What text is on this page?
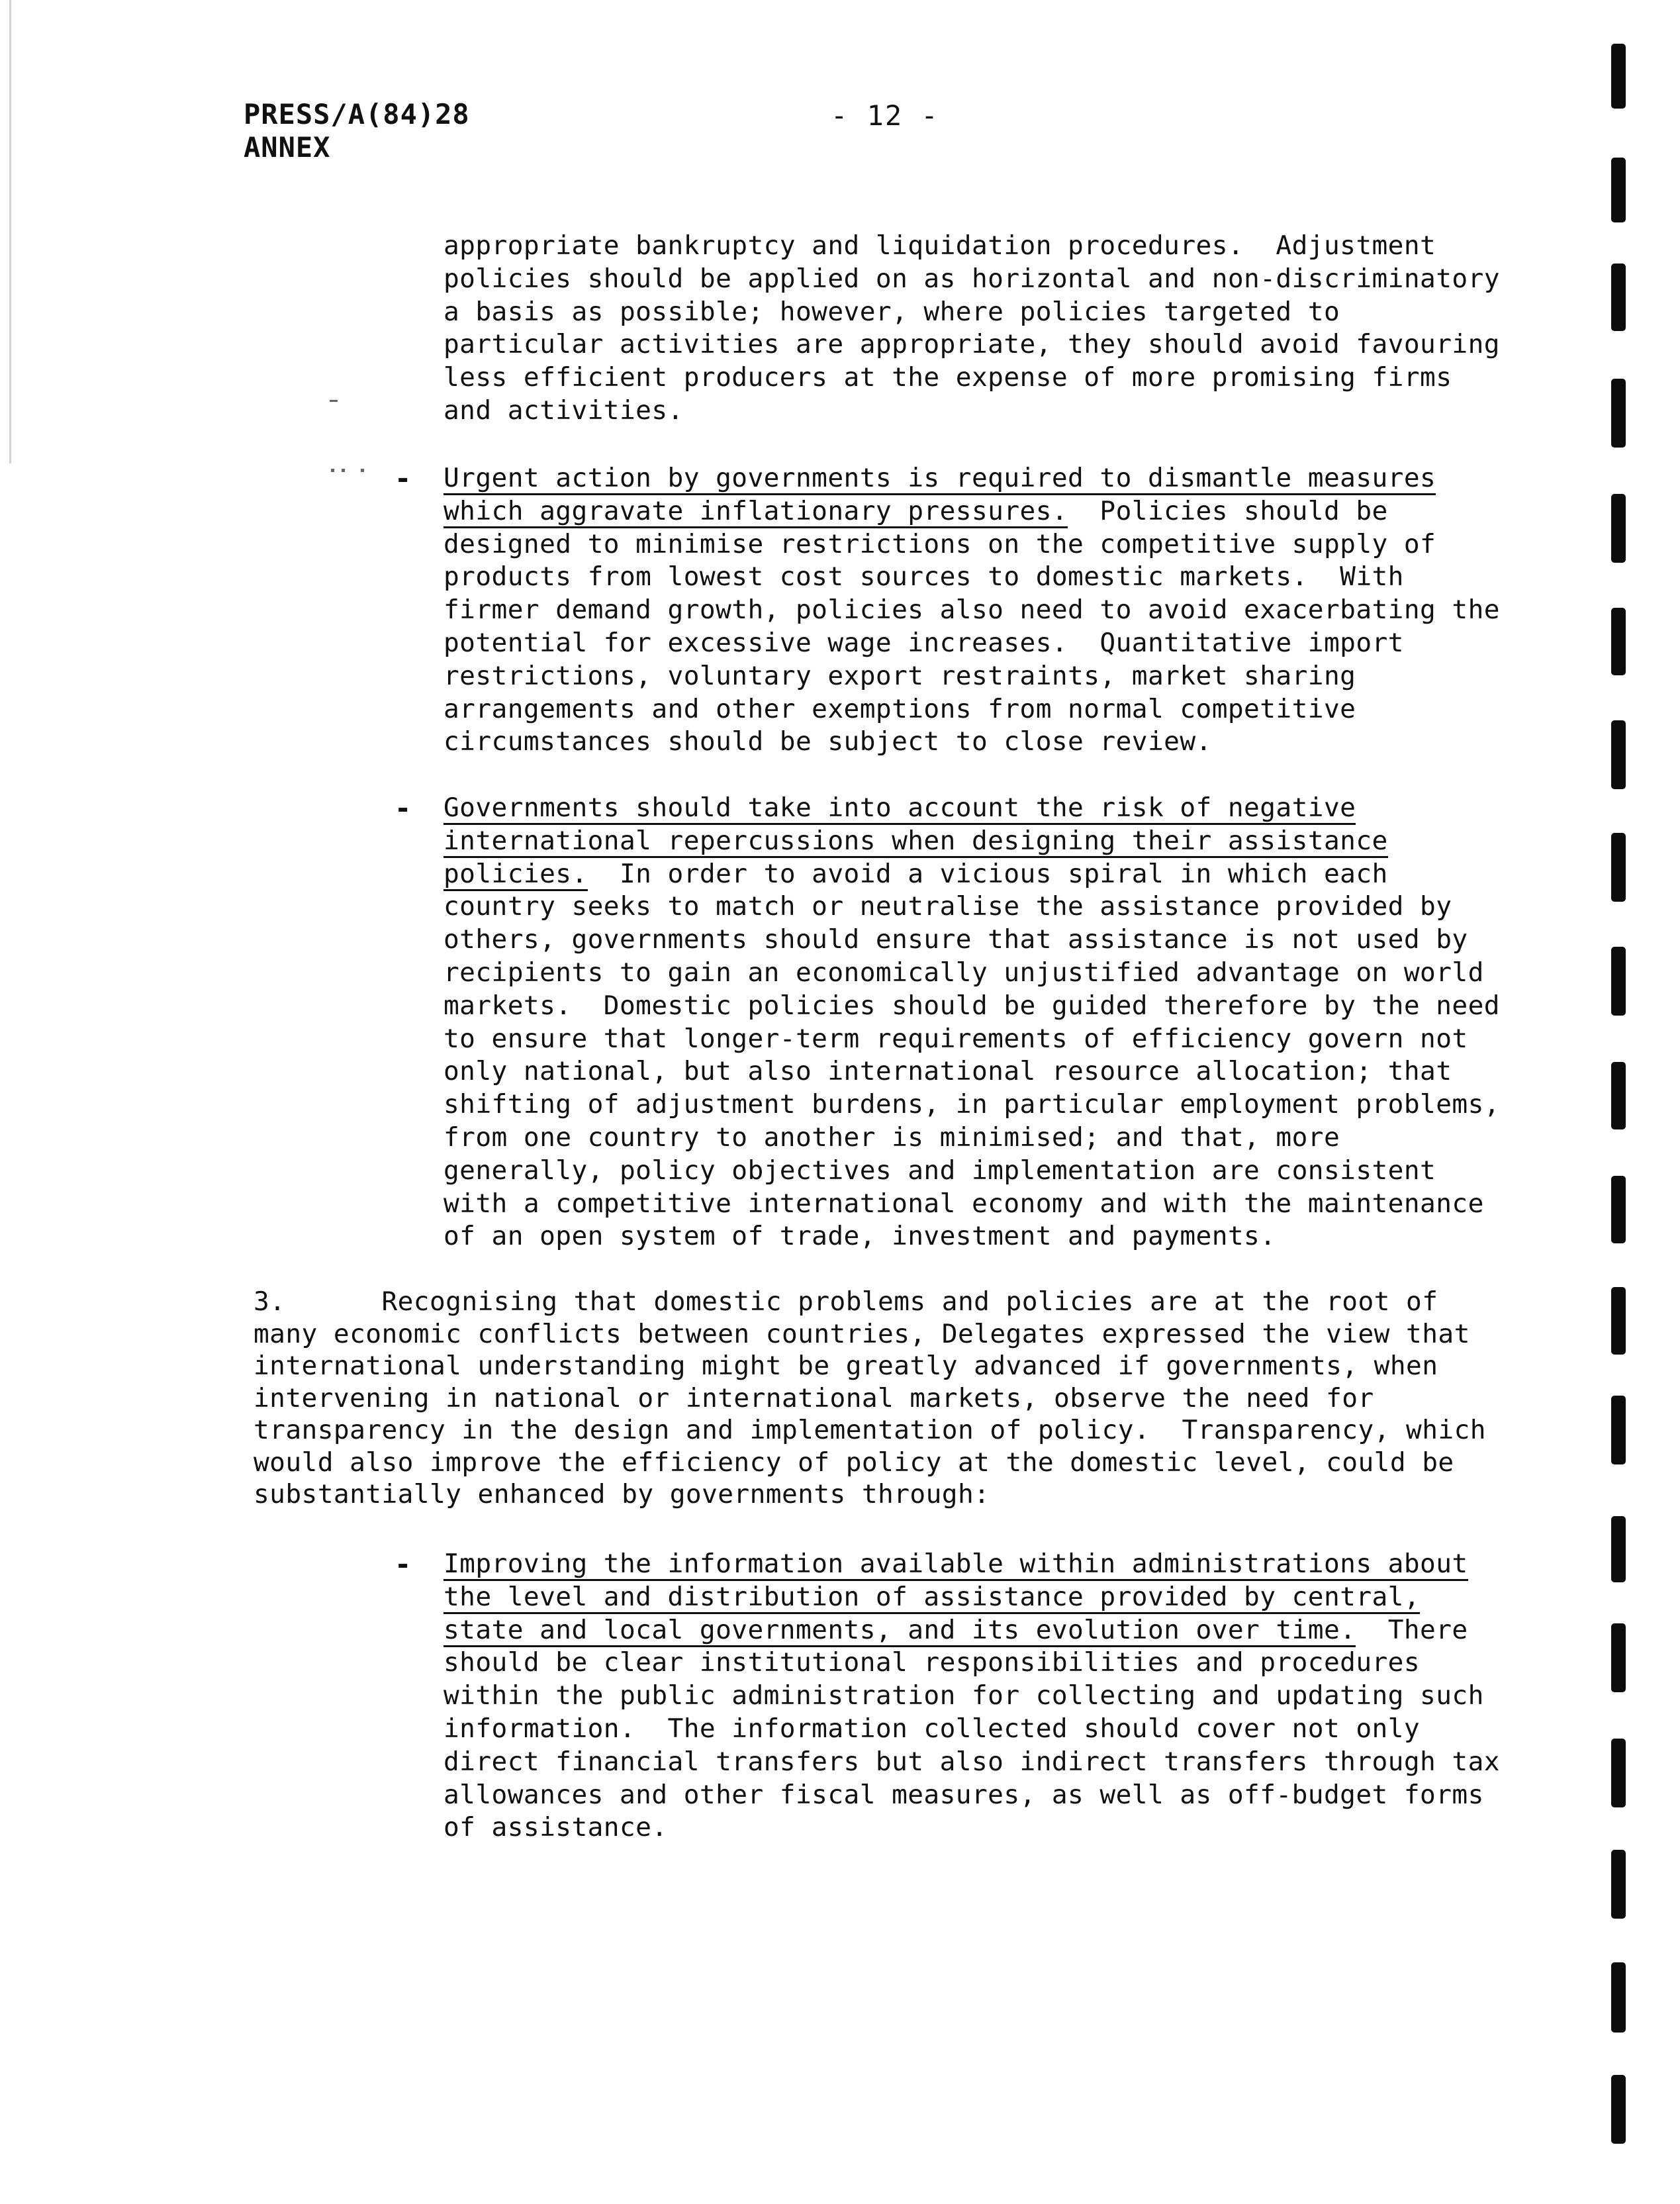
PRESS/A(84)28
ANNEX
- 12 -
appropriate bankruptcy and liquidation procedures.  Adjustment
policies should be applied on as horizontal and non-discriminatory
a basis as possible; however, where policies targeted to
particular activities are appropriate, they should avoid favouring
less efficient producers at the expense of more promising firms
and activities.
- Urgent action by governments is required to dismantle measures
which aggravate inflationary pressures.  Policies should be
designed to minimise restrictions on the competitive supply of
products from lowest cost sources to domestic markets.  With
firmer demand growth, policies also need to avoid exacerbating the
potential for excessive wage increases.  Quantitative import
restrictions, voluntary export restraints, market sharing
arrangements and other exemptions from normal competitive
circumstances should be subject to close review.
- Governments should take into account the risk of negative
international repercussions when designing their assistance
policies.  In order to avoid a vicious spiral in which each
country seeks to match or neutralise the assistance provided by
others, governments should ensure that assistance is not used by
recipients to gain an economically unjustified advantage on world
markets.  Domestic policies should be guided therefore by the need
to ensure that longer-term requirements of efficiency govern not
only national, but also international resource allocation; that
shifting of adjustment burdens, in particular employment problems,
from one country to another is minimised; and that, more
generally, policy objectives and implementation are consistent
with a competitive international economy and with the maintenance
of an open system of trade, investment and payments.
3.      Recognising that domestic problems and policies are at the root of
many economic conflicts between countries, Delegates expressed the view that
international understanding might be greatly advanced if governments, when
intervening in national or international markets, observe the need for
transparency in the design and implementation of policy.  Transparency, which
would also improve the efficiency of policy at the domestic level, could be
substantially enhanced by governments through:
- Improving the information available within administrations about
the level and distribution of assistance provided by central,
state and local governments, and its evolution over time.  There
should be clear institutional responsibilities and procedures
within the public administration for collecting and updating such
information.  The information collected should cover not only
direct financial transfers but also indirect transfers through tax
allowances and other fiscal measures, as well as off-budget forms
of assistance.
